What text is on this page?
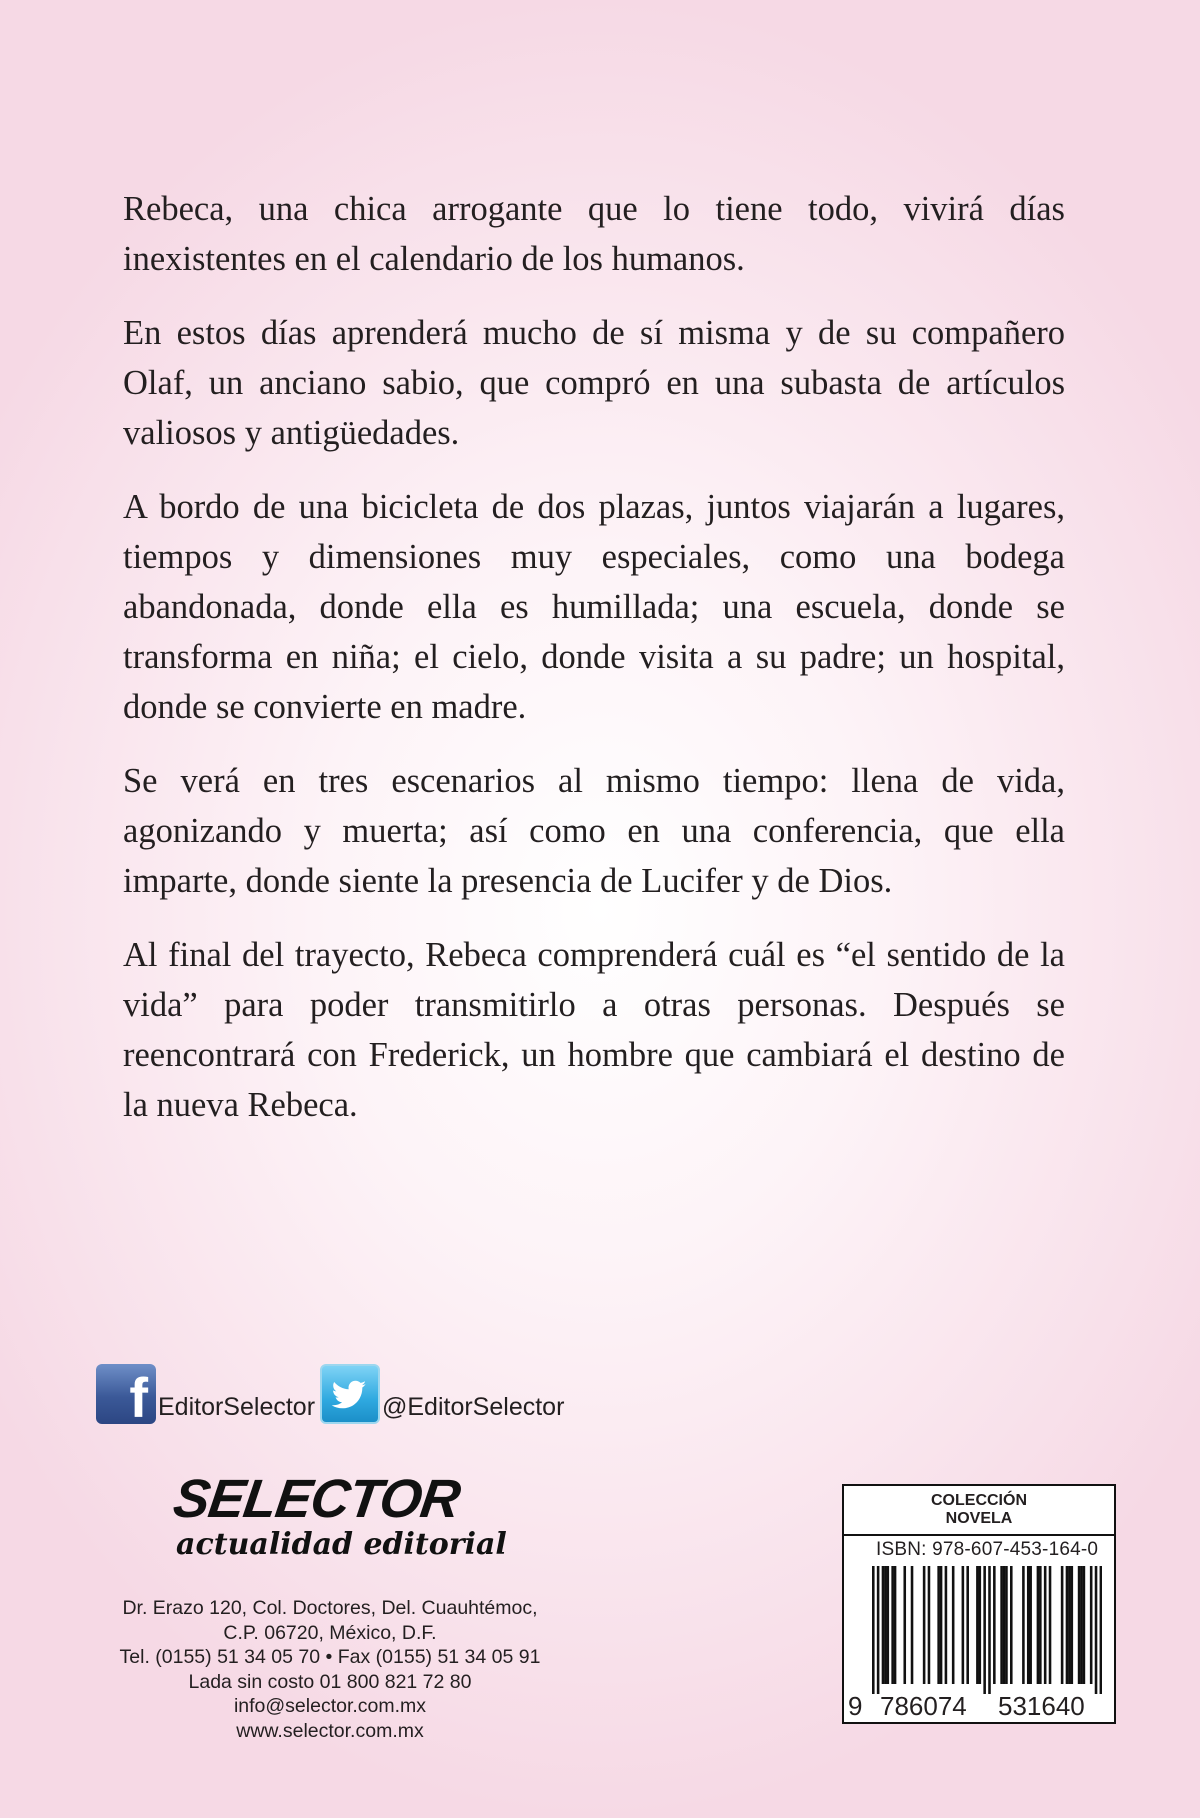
Rebeca, una chica arrogante que lo tiene todo, vivirá días inexistentes en el calendario de los humanos.

En estos días aprenderá mucho de sí misma y de su compañero Olaf, un anciano sabio, que compró en una subasta de artículos valiosos y antigüedades.

A bordo de una bicicleta de dos plazas, juntos viajarán a lugares, tiempos y dimensiones muy especiales, como una bodega abandonada, donde ella es humillada; una escuela, donde se transforma en niña; el cielo, donde visita a su padre; un hospital, donde se convierte en madre.

Se verá en tres escenarios al mismo tiempo: llena de vida, agonizando y muerta; así como en una conferencia, que ella imparte, donde siente la presencia de Lucifer y de Dios.

Al final del trayecto, Rebeca comprenderá cuál es “el sentido de la vida” para poder transmitirlo a otras personas. Después se reencontrará con Frederick, un hombre que cambiará el destino de la nueva Rebeca.

f EditorSelector	@EditorSelector
SELECTOR
actualidad editorial
Dr. Erazo 120, Col. Doctores, Del. Cuauhtémoc,
C.P. 06720, México, D.F.
Tel. (0155) 51 34 05 70 • Fax (0155) 51 34 05 91
Lada sin costo 01 800 821 72 80
info@selector.com.mx
www.selector.com.mx
COLECCIÓN
NOVELA
ISBN: 978-607-453-164-0
9 786074 531640
